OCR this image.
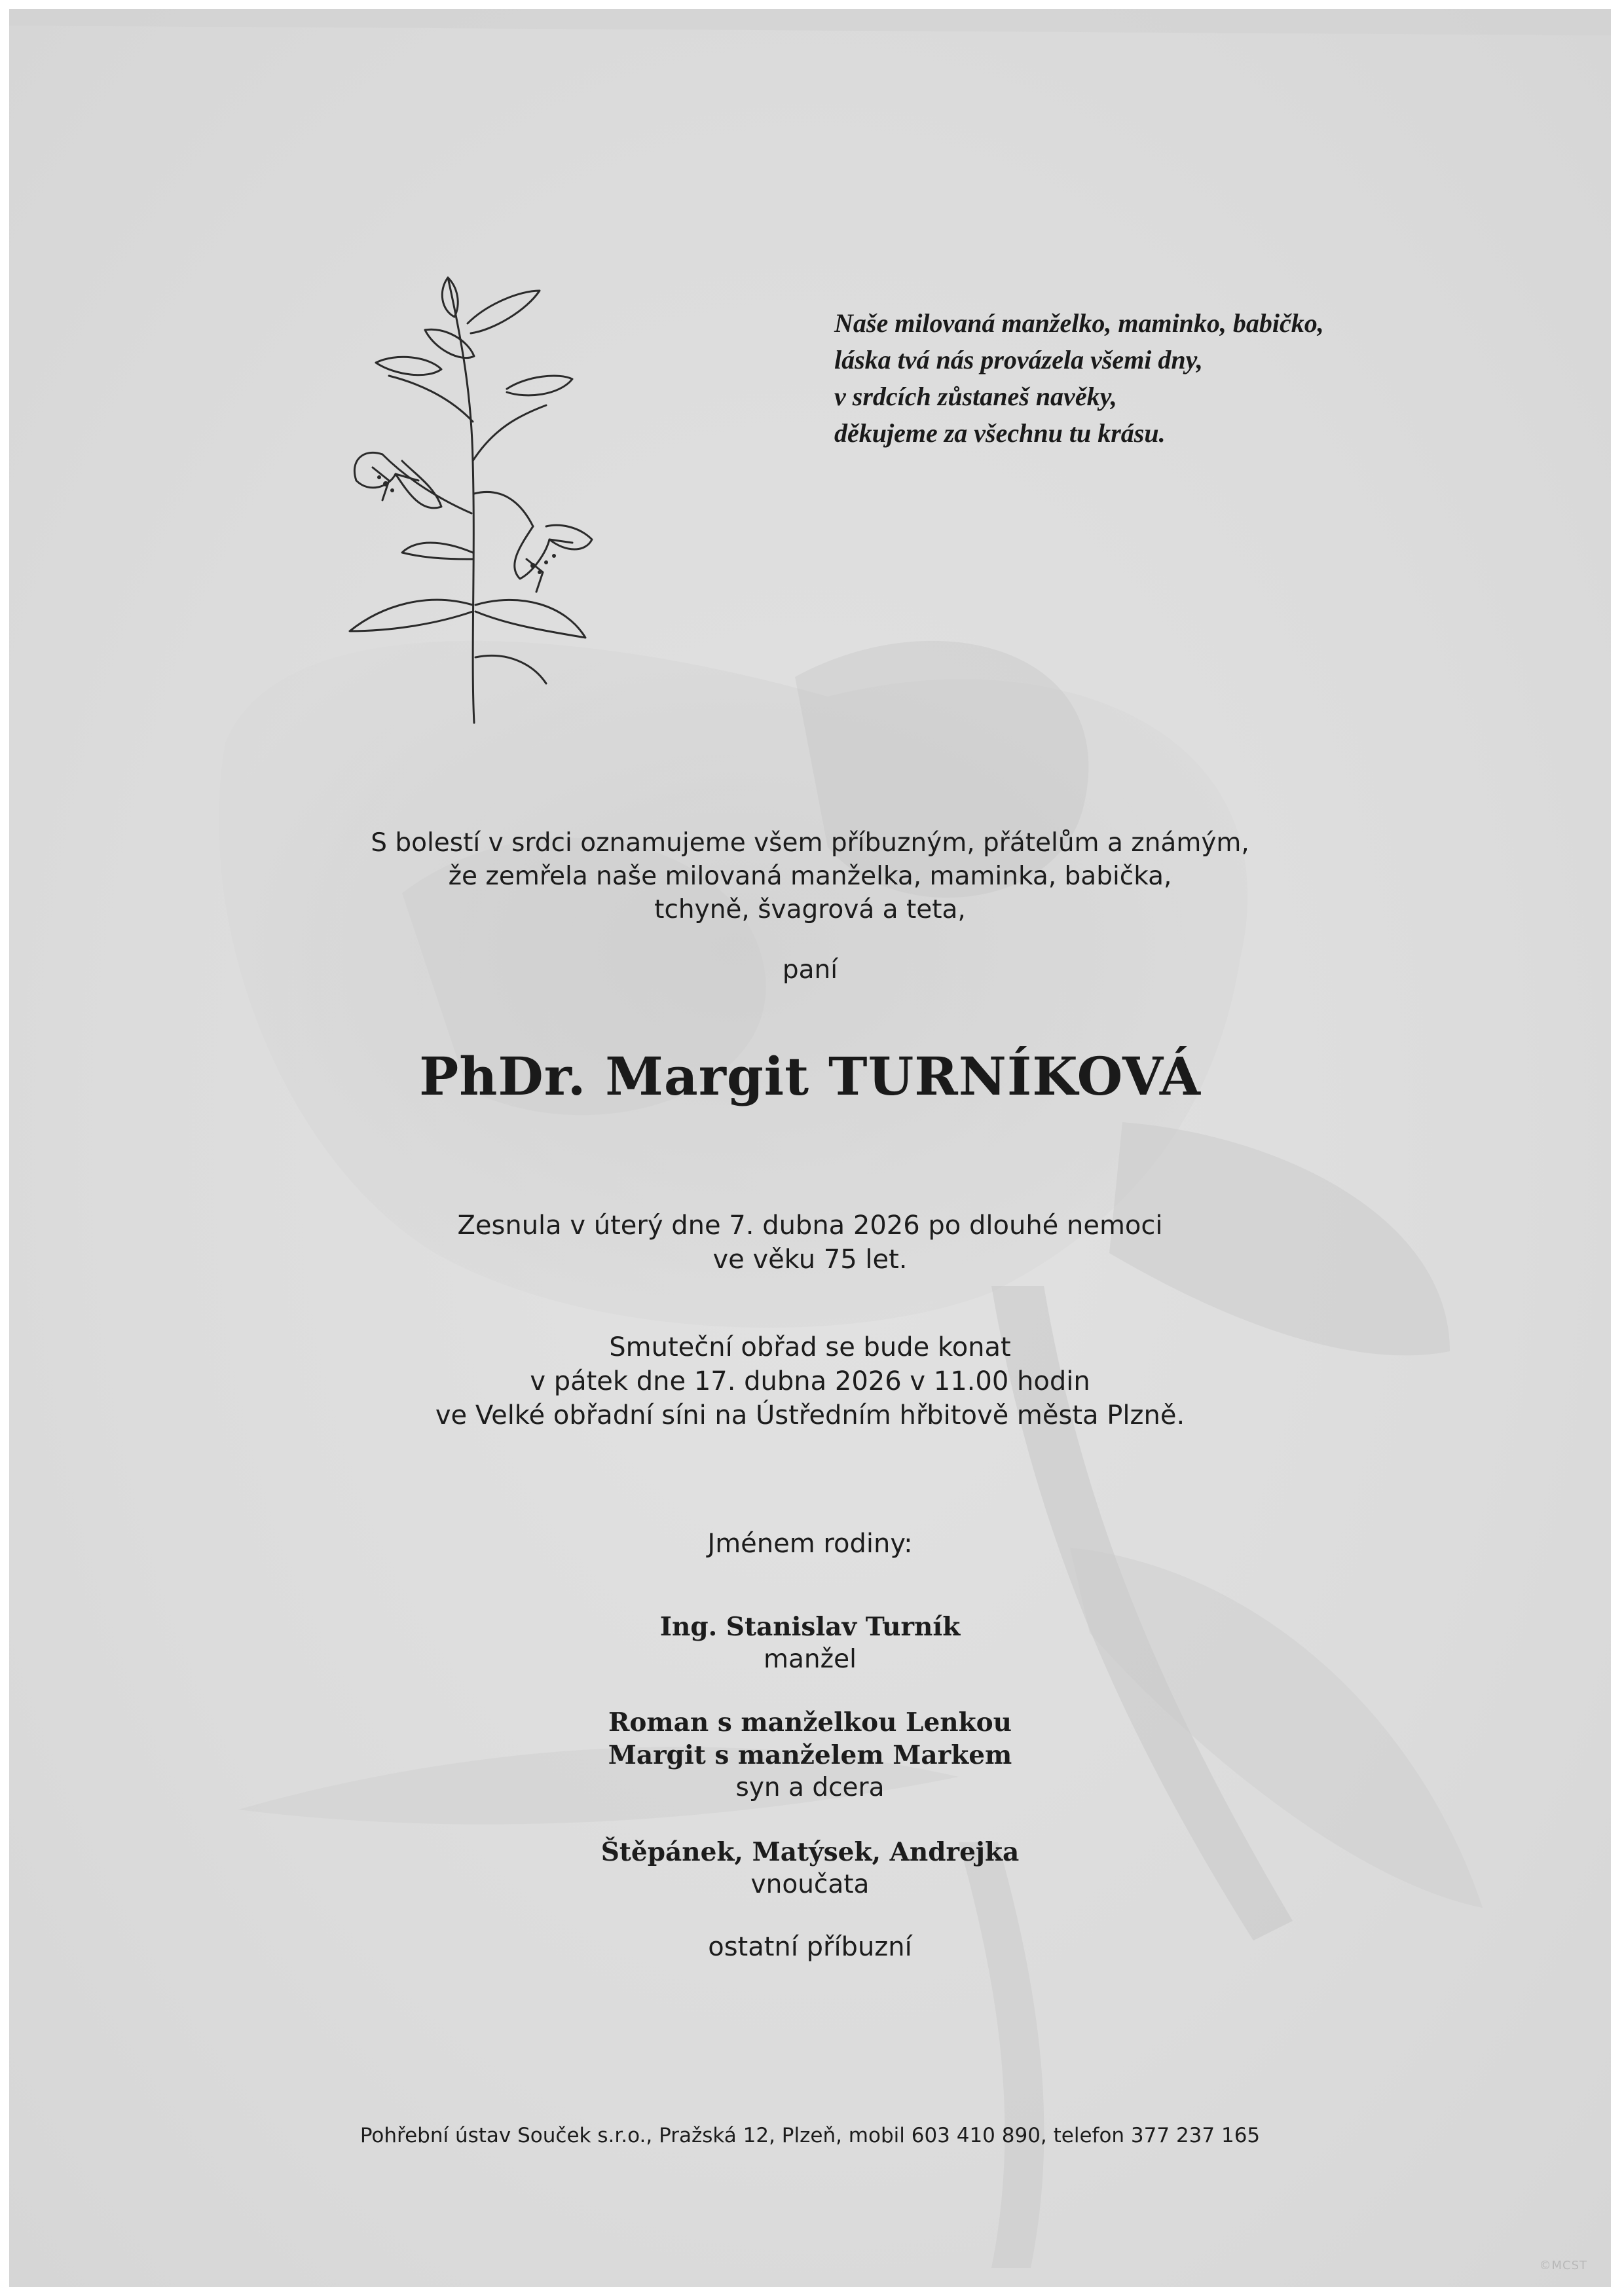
Naše milovaná manželko, maminko, babičko,
láska tvá nás provázela všemi dny,
v srdcích zůstaneš navěky,
děkujeme za všechnu tu krásu.
S bolestí v srdci oznamujeme všem příbuzným, přátelům a známým,
že zemřela naše milovaná manželka, maminka, babička,
tchyně, švagrová a teta,
paní
PhDr. Margit TURNÍKOVÁ
Zesnula v úterý dne 7. dubna 2026 po dlouhé nemoci
ve věku 75 let.
Smuteční obřad se bude konat
v pátek dne 17. dubna 2026 v 11.00 hodin
ve Velké obřadní síni na Ústředním hřbitově města Plzně.
Jménem rodiny:
Ing. Stanislav Turník
manžel
Roman s manželkou Lenkou
Margit s manželem Markem
syn a dcera
Štěpánek, Matýsek, Andrejka
vnoučata
ostatní příbuzní
Pohřební ústav Souček s.r.o., Pražská 12, Plzeň, mobil 603 410 890, telefon 377 237 165
©MCST
